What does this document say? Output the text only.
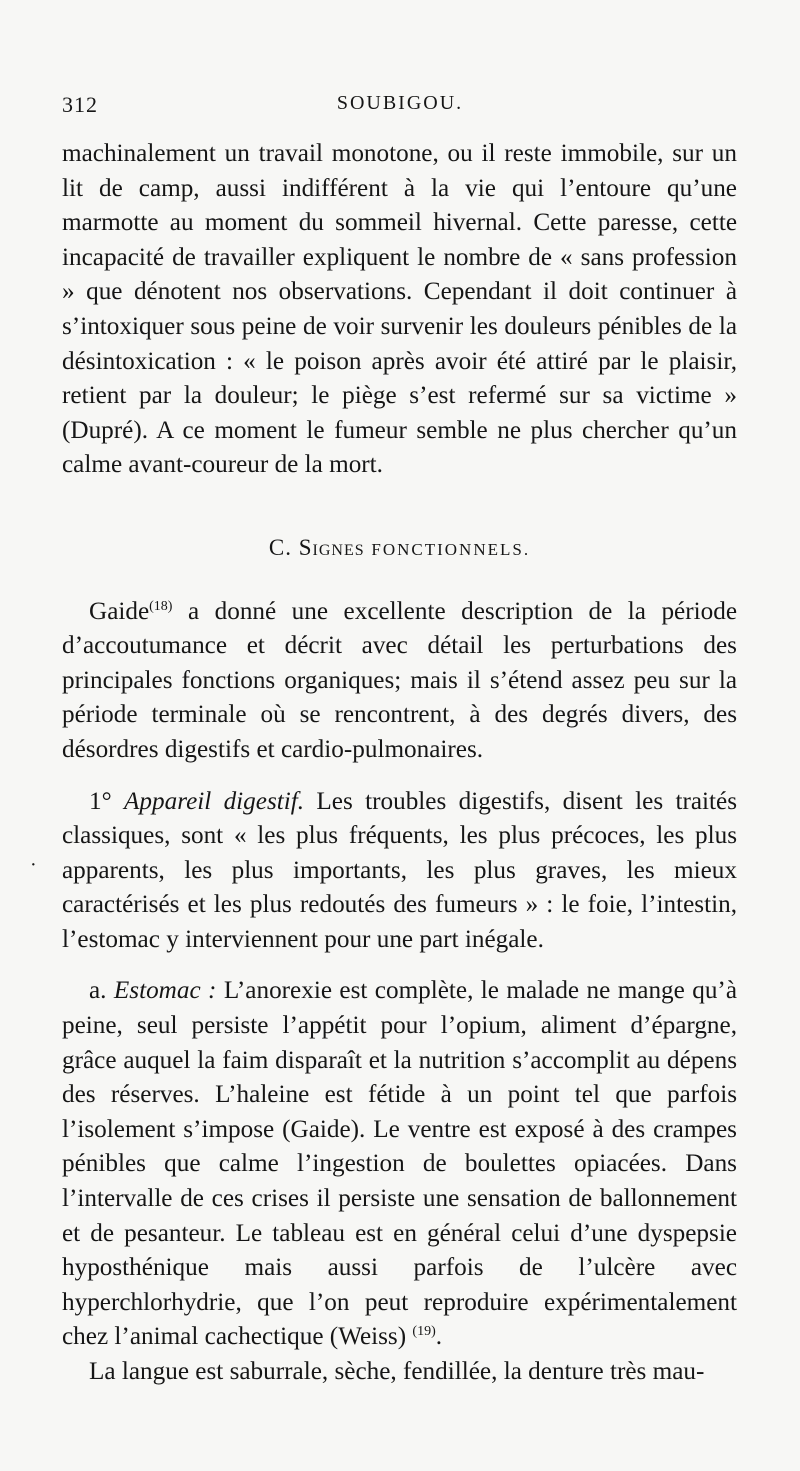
312	SOUBIGOU.
·

machinalement un travail monotone, ou il reste immobile, sur un lit de camp, aussi indifférent à la vie qui l’entoure qu’une marmotte au moment du sommeil hivernal. Cette paresse, cette incapacité de travailler expliquent le nombre de « sans profession » que dénotent nos observations. Cependant il doit continuer à s’intoxiquer sous peine de voir survenir les douleurs pénibles de la désintoxication : « le poison après avoir été attiré par le plaisir, retient par la douleur; le piège s’est refermé sur sa victime » (Dupré). A ce moment le fumeur semble ne plus chercher qu’un calme avant-coureur de la mort.

C. Signes FONCTIONNELS.

Gaide$^{(18)}$ a donné une excellente description de la période d’accoutumance et décrit avec détail les perturbations des principales fonctions organiques; mais il s’étend assez peu sur la période terminale où se rencontrent, à des degrés divers, des désordres digestifs et cardio-pulmonaires.

1° Appareil digestif. Les troubles digestifs, disent les traités classiques, sont « les plus fréquents, les plus précoces, les plus apparents, les plus importants, les plus graves, les mieux caractérisés et les plus redoutés des fumeurs » : le foie, l’intestin, l’estomac y interviennent pour une part inégale.

a. Estomac : L’anorexie est complète, le malade ne mange qu’à peine, seul persiste l’appétit pour l’opium, aliment d’épargne, grâce auquel la faim disparaît et la nutrition s’accomplit au dépens des réserves. L’haleine est fétide à un point tel que parfois l’isolement s’impose (Gaide). Le ventre est exposé à des crampes pénibles que calme l’ingestion de boulettes opiacées. Dans l’intervalle de ces crises il persiste une sensation de ballonnement et de pesanteur. Le tableau est en général celui d’une dyspepsie hyposthénique mais aussi parfois de l’ulcère avec hyperchlorhydrie, que l’on peut reproduire expérimentalement chez l’animal cachectique (Weiss) $^{(19)}$.

La langue est saburrale, sèche, fendillée, la denture très mau-
